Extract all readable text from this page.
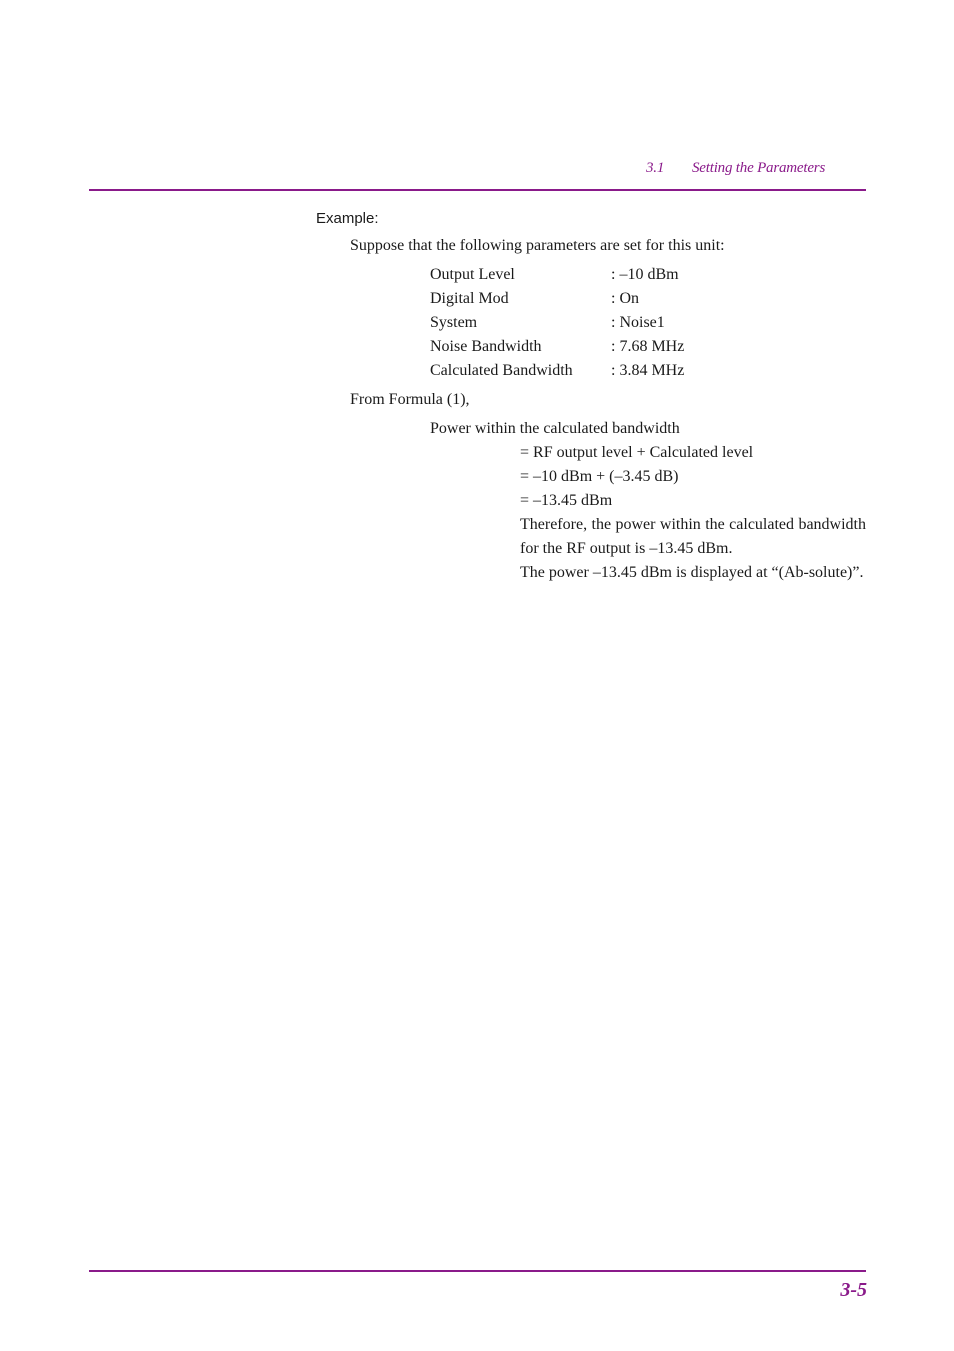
3.1 Setting the Parameters
Example:
Suppose that the following parameters are set for this unit:
Output Level	: –10 dBm
Digital Mod	: On
System	: Noise1
Noise Bandwidth	: 7.68 MHz
Calculated Bandwidth	: 3.84 MHz
From Formula (1),
Power within the calculated bandwidth

= RF output level + Calculated level

= –10 dBm + (–3.45 dB)

= –13.45 dBm

Therefore, the power within the calculated bandwidth for the RF output is –13.45 dBm.

The power –13.45 dBm is displayed at “(Ab-solute)”.

3-5
